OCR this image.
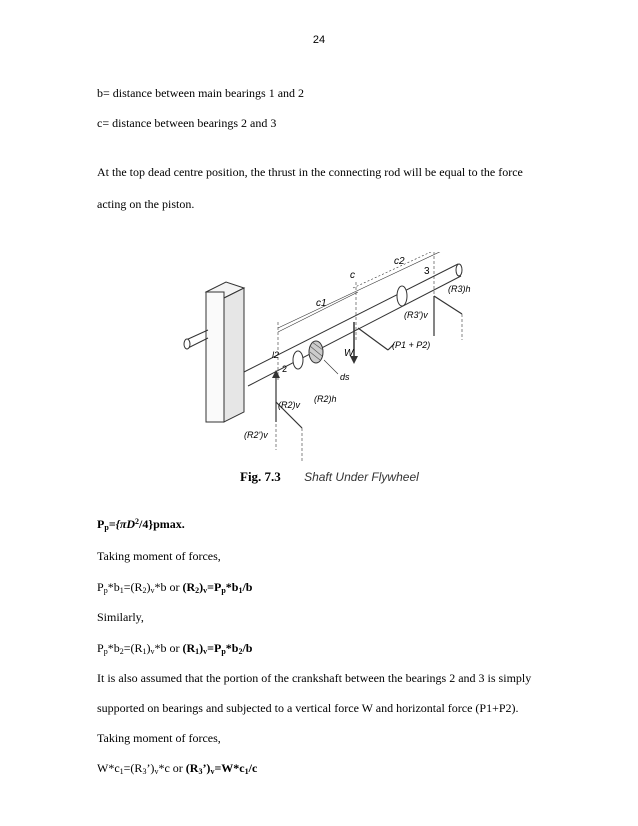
24
b= distance between main bearings 1 and 2
c= distance between bearings 2 and 3
At the top dead centre position, the thrust in the connecting rod will be equal to the force
acting on the piston.
c2
c
c1
3
(R3)h
(R3')v
W
(P1 + P2)
ds
l2
2
(R2)v
(R2)h
(R2')v
Fig. 7.3 Shaft Under Flywheel
$P_p=\{\pi D^2/4\}pmax$.
Taking moment of forces,
$P_p*b_1=(R_2)_v*b$ or $(R_2)_v=P_p*b_1/b$
Similarly,
$P_p*b_2=(R_1)_v*b$ or $(R_1)_v=P_p*b_2/b$
It is also assumed that the portion of the crankshaft between the bearings 2 and 3 is simply
supported on bearings and subjected to a vertical force W and horizontal force (P1+P2).
Taking moment of forces,
$W*c_1=(R_3’)_v*c$ or $(R_3’)_v=W*c_1/c$
